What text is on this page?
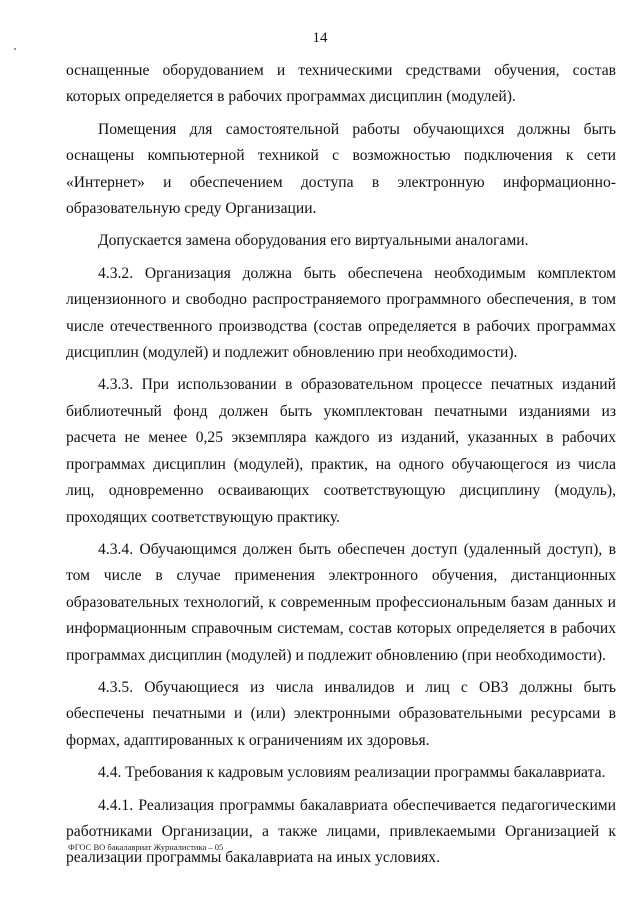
14

оснащенные оборудованием и техническими средствами обучения, состав которых определяется в рабочих программах дисциплин (модулей).

Помещения для самостоятельной работы обучающихся должны быть оснащены компьютерной техникой с возможностью подключения к сети «Интернет» и обеспечением доступа в электронную информационно-образовательную среду Организации.

Допускается замена оборудования его виртуальными аналогами.

4.3.2. Организация должна быть обеспечена необходимым комплектом лицензионного и свободно распространяемого программного обеспечения, в том числе отечественного производства (состав определяется в рабочих программах дисциплин (модулей) и подлежит обновлению при необходимости).

4.3.3. При использовании в образовательном процессе печатных изданий библиотечный фонд должен быть укомплектован печатными изданиями из расчета не менее 0,25 экземпляра каждого из изданий, указанных в рабочих программах дисциплин (модулей), практик, на одного обучающегося из числа лиц, одновременно осваивающих соответствующую дисциплину (модуль), проходящих соответствующую практику.

4.3.4. Обучающимся должен быть обеспечен доступ (удаленный доступ), в том числе в случае применения электронного обучения, дистанционных образовательных технологий, к современным профессиональным базам данных и информационным справочным системам, состав которых определяется в рабочих программах дисциплин (модулей) и подлежит обновлению (при необходимости).

4.3.5. Обучающиеся из числа инвалидов и лиц с ОВЗ должны быть обеспечены печатными и (или) электронными образовательными ресурсами в формах, адаптированных к ограничениям их здоровья.

4.4. Требования к кадровым условиям реализации программы бакалавриата.

4.4.1. Реализация программы бакалавриата обеспечивается педагогическими работниками Организации, а также лицами, привлекаемыми Организацией к реализации программы бакалавриата на иных условиях.

ФГОС ВО бакалавриат Журналистика – 05
